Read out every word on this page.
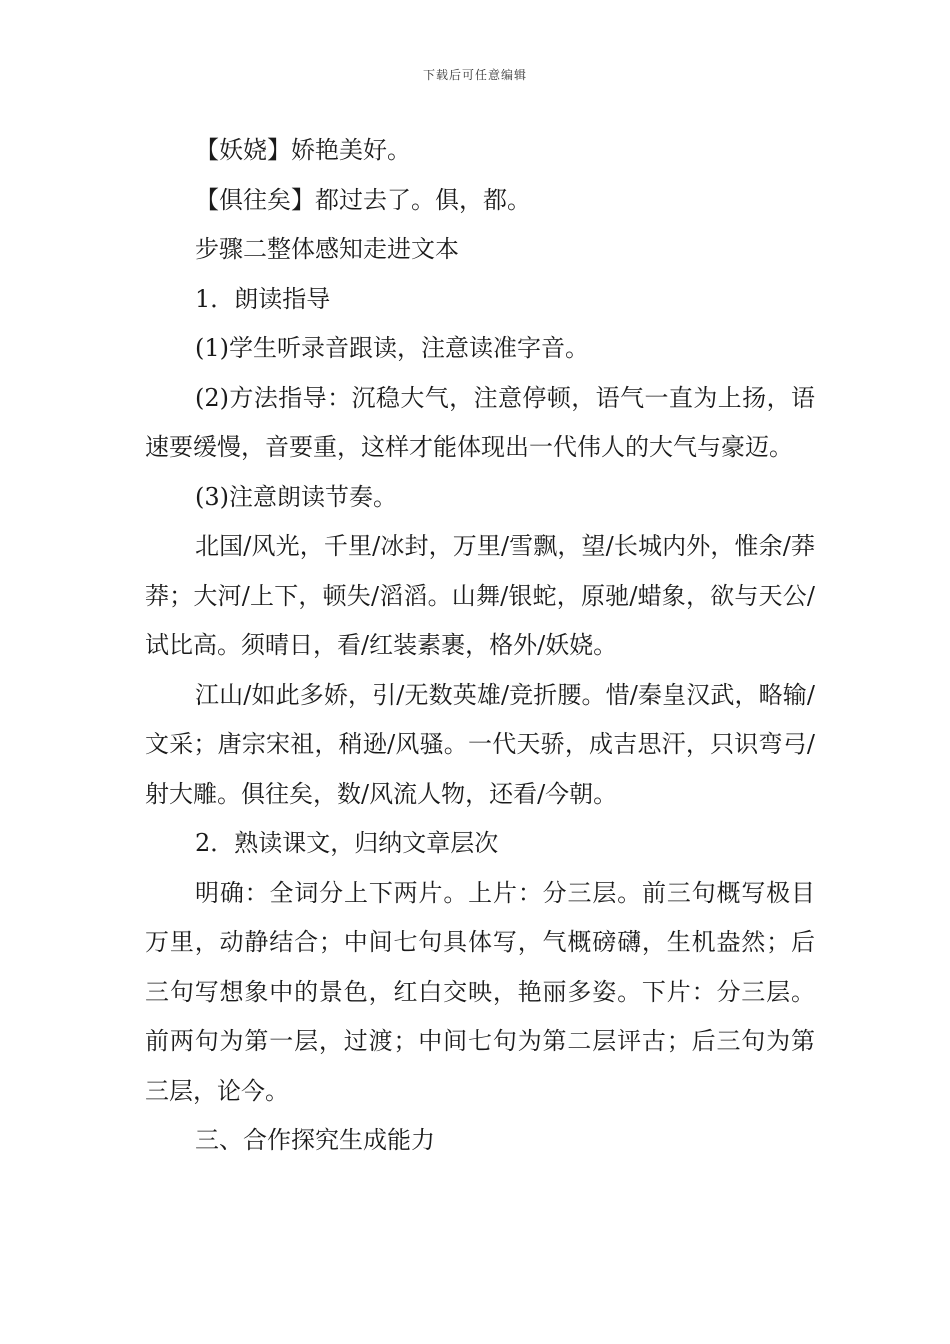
下载后可任意编辑

【妖娆】娇艳美好。

【俱往矣】都过去了。俱，都。

步骤二整体感知走进文本

1．朗读指导

(1)学生听录音跟读，注意读准字音。

(2)方法指导：沉稳大气，注意停顿，语气一直为上扬，语速要缓慢，音要重，这样才能体现出一代伟人的大气与豪迈。

(3)注意朗读节奏。

北国/风光，千里/冰封，万里/雪飘，望/长城内外，惟余/莽莽；大河/上下，顿失/滔滔。山舞/银蛇，原驰/蜡象，欲与天公/试比高。须晴日，看/红装素裹，格外/妖娆。

江山/如此多娇，引/无数英雄/竞折腰。惜/秦皇汉武，略输/文采；唐宗宋祖，稍逊/风骚。一代天骄，成吉思汗，只识弯弓/射大雕。俱往矣，数/风流人物，还看/今朝。

2．熟读课文，归纳文章层次

明确：全词分上下两片。上片：分三层。前三句概写极目万里，动静结合；中间七句具体写，气概磅礴，生机盎然；后三句写想象中的景色，红白交映，艳丽多姿。下片：分三层。前两句为第一层，过渡；中间七句为第二层评古；后三句为第三层，论今。

三、合作探究生成能力
